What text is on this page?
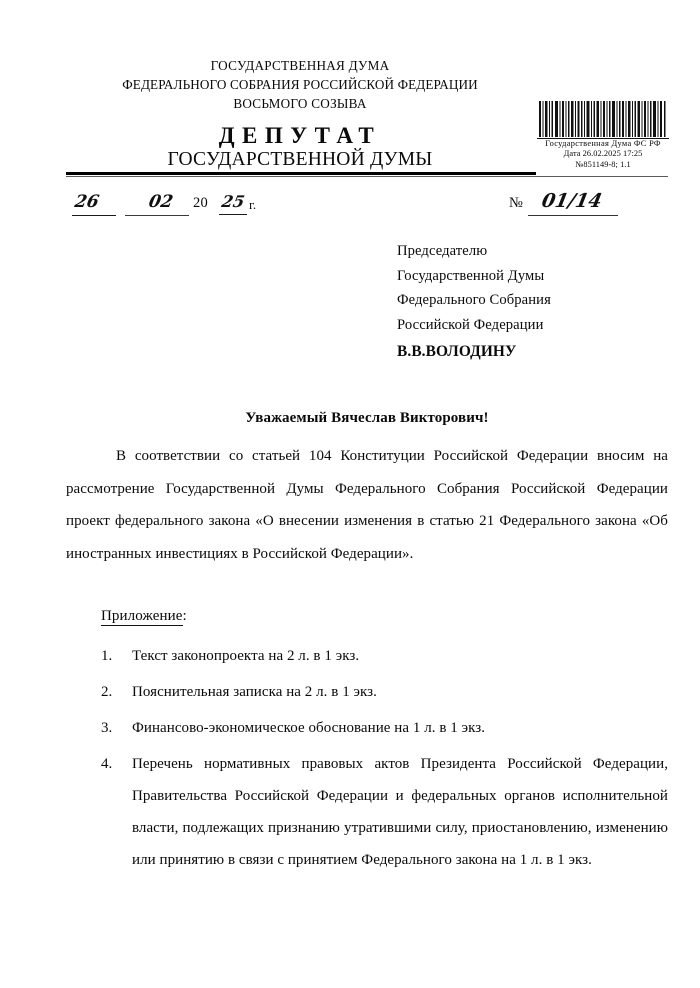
ГОСУДАРСТВЕННАЯ ДУМА
ФЕДЕРАЛЬНОГО СОБРАНИЯ РОССИЙСКОЙ ФЕДЕРАЦИИ
ВОСЬМОГО СОЗЫВА
ДЕПУТАТ
ГОСУДАРСТВЕННОЙ ДУМЫ
Государственная Дума ФС РФ
Дата 26.02.2025 17:25
№851149-8; 1.1
26	02 20 25 г.	№ 01/14
Председателю
Государственной Думы
Федерального Собрания
Российской Федерации
В.В.ВОЛОДИНУ
Уважаемый Вячеслав Викторович!
В соответствии со статьей 104 Конституции Российской Федерации вносим на рассмотрение Государственной Думы Федерального Собрания Российской Федерации проект федерального закона «О внесении изменения в статью 21 Федерального закона «Об иностранных инвестициях в Российской Федерации».
Приложение:
1.	Текст законопроекта на 2 л. в 1 экз.
2.	Пояснительная записка на 2 л. в 1 экз.
3.	Финансово-экономическое обоснование на 1 л. в 1 экз.
4.	Перечень нормативных правовых актов Президента Российской Федерации, Правительства Российской Федерации и федеральных органов исполнительной власти, подлежащих признанию утратившими силу, приостановлению, изменению или принятию в связи с принятием Федерального закона на 1 л. в 1 экз.
